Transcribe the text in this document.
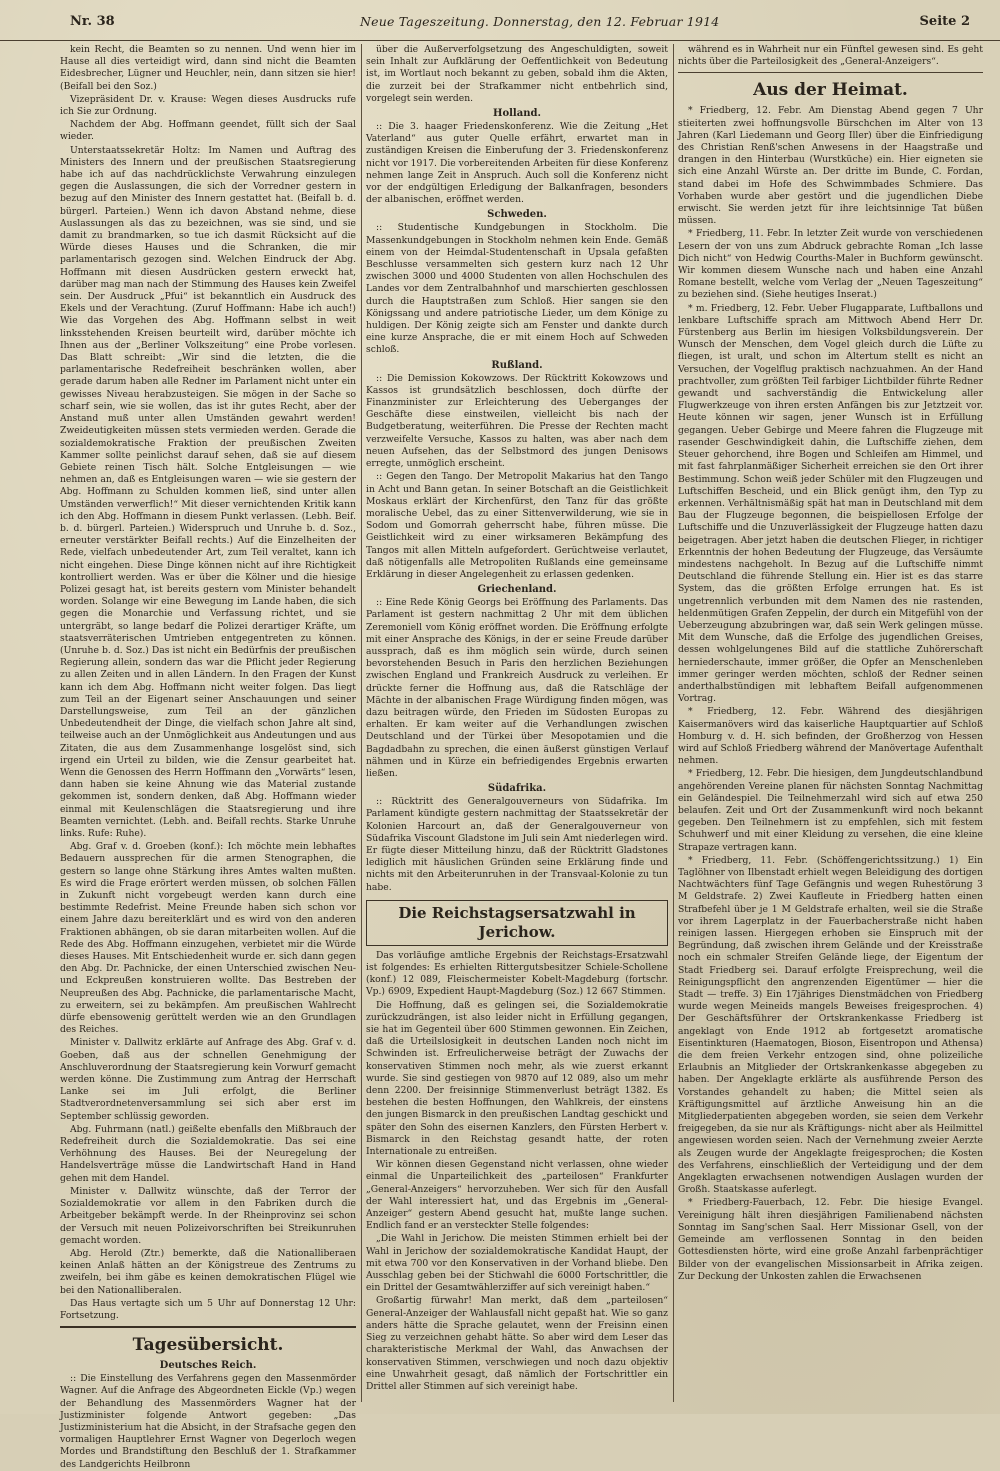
Nr. 38	Neue Tageszeitung. Donnerstag, den 12. Februar 1914	Seite 2

kein Recht, die Beamten so zu nennen. Und wenn hier im Hause all dies verteidigt wird, dann sind nicht die Beamten Eidesbrecher, Lügner und Heuchler, nein, dann sitzen sie hier! (Beifall bei den Soz.)

Vizepräsident Dr. v. Krause: Wegen dieses Ausdrucks rufe ich Sie zur Ordnung.

Nachdem der Abg. Hoffmann geendet, füllt sich der Saal wieder.

Unterstaatssekretär Holtz: Im Namen und Auftrag des Ministers des Innern und der preußischen Staatsregierung habe ich auf das nachdrücklichste Verwahrung einzulegen gegen die Auslassungen, die sich der Vorredner gestern in bezug auf den Minister des Innern gestattet hat. (Beifall b. d. bürgerl. Parteien.) Wenn ich davon Abstand nehme, diese Auslassungen als das zu bezeichnen, was sie sind, und sie damit zu brandmarken, so tue ich dasmit Rücksicht auf die Würde dieses Hauses und die Schranken, die mir parlamentarisch gezogen sind. Welchen Eindruck der Abg. Hoffmann mit diesen Ausdrücken gestern erweckt hat, darüber mag man nach der Stimmung des Hauses kein Zweifel sein. Der Ausdruck „Pfui“ ist bekanntlich ein Ausdruck des Ekels und der Verachtung. (Zuruf Hoffmann: Habe ich auch!) Wie das Vorgehen des Abg. Hoffmann selbst in weit linksstehenden Kreisen beurteilt wird, darüber möchte ich Ihnen aus der „Berliner Volkszeitung“ eine Probe vorlesen. Das Blatt schreibt: „Wir sind die letzten, die die parlamentarische Redefreiheit beschränken wollen, aber gerade darum haben alle Redner im Parlament nicht unter ein gewisses Niveau herabzusteigen. Sie mögen in der Sache so scharf sein, wie sie wollen, das ist ihr gutes Recht, aber der Anstand muß unter allen Umständen gewahrt werden! Zweideutigkeiten müssen stets vermieden werden. Gerade die sozialdemokratische Fraktion der preußischen Zweiten Kammer sollte peinlichst darauf sehen, daß sie auf diesem Gebiete reinen Tisch hält. Solche Entgleisungen — wie nehmen an, daß es Entgleisungen waren — wie sie gestern der Abg. Hoffmann zu Schulden kommen ließ, sind unter allen Umständen verwerflich!“ Mit dieser vernichtenden Kritik kann ich den Abg. Hoffmann in diesem Punkt verlassen. (Lebh. Beif. b. d. bürgerl. Parteien.) Widerspruch und Unruhe b. d. Soz., erneuter verstärkter Beifall rechts.) Auf die Einzelheiten der Rede, vielfach unbedeutender Art, zum Teil veraltet, kann ich nicht eingehen. Diese Dinge können nicht auf ihre Richtigkeit kontrolliert werden. Was er über die Kölner und die hiesige Polizei gesagt hat, ist bereits gestern vom Minister behandelt worden. Solange wir eine Bewegung im Lande haben, die sich gegen die Monarchie und Verfassung richtet, und sie untergräbt, so lange bedarf die Polizei derartiger Kräfte, um staatsverräterischen Umtrieben entgegentreten zu können. (Unruhe b. d. Soz.) Das ist nicht ein Bedürfnis der preußischen Regierung allein, sondern das war die Pflicht jeder Regierung zu allen Zeiten und in allen Ländern. In den Fragen der Kunst kann ich dem Abg. Hoffmann nicht weiter folgen. Das liegt zum Teil an der Eigenart seiner Anschauungen und seiner Darstellungsweise, zum Teil an der gänzlichen Unbedeutendheit der Dinge, die vielfach schon Jahre alt sind, teilweise auch an der Unmöglichkeit aus Andeutungen und aus Zitaten, die aus dem Zusammenhange losgelöst sind, sich irgend ein Urteil zu bilden, wie die Zensur gearbeitet hat. Wenn die Genossen des Herrn Hoffmann den „Vorwärts“ lesen, dann haben sie keine Ahnung wie das Material zustande gekommen ist, sondern denken, daß Abg. Hoffmann wieder einmal mit Keulenschlägen die Staatsregierung und ihre Beamten vernichtet. (Lebh. and. Beifall rechts. Starke Unruhe links. Rufe: Ruhe).

Abg. Graf v. d. Groeben (konf.): Ich möchte mein lebhaftes Bedauern aussprechen für die armen Stenographen, die gestern so lange ohne Stärkung ihres Amtes walten mußten. Es wird die Frage erörtert werden müssen, ob solchen Fällen in Zukunft nicht vorgebeugt werden kann durch eine bestimmte Redefrist. Meine Freunde haben sich schon vor einem Jahre dazu bereiterklärt und es wird von den anderen Fraktionen abhängen, ob sie daran mitarbeiten wollen. Auf die Rede des Abg. Hoffmann einzugehen, verbietet mir die Würde dieses Hauses. Mit Entschiedenheit wurde er. sich dann gegen den Abg. Dr. Pachnicke, der einen Unterschied zwischen Neu- und Eckpreußen konstruieren wollte. Das Bestreben der Neupreußen des Abg. Pachnicke, die parlamentarische Macht, zu erweitern, sei zu bekämpfen. Am preußischen Wahlrecht dürfe ebensowenig gerüttelt werden wie an den Grundlagen des Reiches.

Minister v. Dallwitz erklärte auf Anfrage des Abg. Graf v. d. Goeben, daß aus der schnellen Genehmigung der Anschluverordnung der Staatsregierung kein Vorwurf gemacht werden könne. Die Zustimmung zum Antrag der Herrschaft Lanke sei im Juli erfolgt, die Berliner Stadtverordnetenversammlung sei sich aber erst im September schlüssig geworden.

Abg. Fuhrmann (natl.) geißelte ebenfalls den Mißbrauch der Redefreiheit durch die Sozialdemokratie. Das sei eine Verhöhnung des Hauses. Bei der Neuregelung der Handelsverträge müsse die Landwirtschaft Hand in Hand gehen mit dem Handel.

Minister v. Dallwitz wünschte, daß der Terror der Sozialdemokratie vor allem in den Fabriken durch die Arbeitgeber bekämpft werde. In der Rheinprovinz sei schon der Versuch mit neuen Polizeivorschriften bei Streikunruhen gemacht worden.

Abg. Herold (Ztr.) bemerkte, daß die Nationalliberaen keinen Anlaß hätten an der Königstreue des Zentrums zu zweifeln, bei ihm gäbe es keinen demokratischen Flügel wie bei den Nationalliberalen.

Das Haus vertagte sich um 5 Uhr auf Donnerstag 12 Uhr: Fortsetzung.

Tagesübersicht.
Deutsches Reich.

:: Die Einstellung des Verfahrens gegen den Massenmörder Wagner. Auf die Anfrage des Abgeordneten Eickle (Vp.) wegen der Behandlung des Massenmörders Wagner hat der Justizminister folgende Antwort gegeben: „Das Justizministerium hat die Absicht, in der Strafsache gegen den vormaligen Hauptlehrer Ernst Wagner von Degerloch wegen Mordes und Brandstiftung den Beschluß der 1. Strafkammer des Landgerichts Heilbronn

über die Außerverfolgsetzung des Angeschuldigten, soweit sein Inhalt zur Aufklärung der Oeffentlichkeit von Bedeutung ist, im Wortlaut noch bekannt zu geben, sobald ihm die Akten, die zurzeit bei der Strafkammer nicht entbehrlich sind, vorgelegt sein werden.

Holland.

:: Die 3. haager Friedenskonferenz. Wie die Zeitung „Het Vaterland“ aus guter Quelle erfährt, erwartet man in zuständigen Kreisen die Einberufung der 3. Friedenskonferenz nicht vor 1917. Die vorbereitenden Arbeiten für diese Konferenz nehmen lange Zeit in Anspruch. Auch soll die Konferenz nicht vor der endgültigen Erledigung der Balkanfragen, besonders der albanischen, eröffnet werden.

Schweden.

:: Studentische Kundgebungen in Stockholm. Die Massenkundgebungen in Stockholm nehmen kein Ende. Gemäß einem von der Heimdal-Studentenschaft in Upsala gefaßten Beschlusse versammelten sich gestern kurz nach 12 Uhr zwischen 3000 und 4000 Studenten von allen Hochschulen des Landes vor dem Zentralbahnhof und marschierten geschlossen durch die Hauptstraßen zum Schloß. Hier sangen sie den Königssang und andere patriotische Lieder, um dem Könige zu huldigen. Der König zeigte sich am Fenster und dankte durch eine kurze Ansprache, die er mit einem Hoch auf Schweden schloß.

Rußland.

:: Die Demission Kokowzows. Der Rücktritt Kokowzows und Kassos ist grundsätzlich beschlossen, doch dürfte der Finanzminister zur Erleichterung des Ueberganges der Geschäfte diese einstweilen, vielleicht bis nach der Budgetberatung, weiterführen. Die Presse der Rechten macht verzweifelte Versuche, Kassos zu halten, was aber nach dem neuen Aufsehen, das der Selbstmord des jungen Denisows erregte, unmöglich erscheint.

:: Gegen den Tango. Der Metropolit Makarius hat den Tango in Acht und Bann getan. In seiner Botschaft an die Geistlichkeit Moskaus erklärt der Kirchenfürst, den Tanz für das größte moralische Uebel, das zu einer Sittenverwilderung, wie sie in Sodom und Gomorrah geherrscht habe, führen müsse. Die Geistlichkeit wird zu einer wirksameren Bekämpfung des Tangos mit allen Mitteln aufgefordert. Gerüchtweise verlautet, daß nötigenfalls alle Metropoliten Rußlands eine gemeinsame Erklärung in dieser Angelegenheit zu erlassen gedenken.

Griechenland.

:: Eine Rede König Georgs bei Eröffnung des Parlaments. Das Parlament ist gestern nachmittag 2 Uhr mit dem üblichen Zeremoniell vom König eröffnet worden. Die Eröffnung erfolgte mit einer Ansprache des Königs, in der er seine Freude darüber aussprach, daß es ihm möglich sein würde, durch seinen bevorstehenden Besuch in Paris den herzlichen Beziehungen zwischen England und Frankreich Ausdruck zu verleihen. Er drückte ferner die Hoffnung aus, daß die Ratschläge der Mächte in der albanischen Frage Würdigung finden mögen, was dazu beitragen würde, den Frieden im Südosten Europas zu erhalten. Er kam weiter auf die Verhandlungen zwischen Deutschland und der Türkei über Mesopotamien und die Bagdadbahn zu sprechen, die einen äußerst günstigen Verlauf nähmen und in Kürze ein befriedigendes Ergebnis erwarten ließen.

Südafrika.

:: Rücktritt des Generalgouverneurs von Südafrika. Im Parlament kündigte gestern nachmittag der Staatssekretär der Kolonien Harcourt an, daß der Generalgouverneur von Südafrika Viscount Gladstone im Juli sein Amt niederlegen wird. Er fügte dieser Mitteilung hinzu, daß der Rücktritt Gladstones lediglich mit häuslichen Gründen seine Erklärung finde und nichts mit den Arbeiterunruhen in der Transvaal-Kolonie zu tun habe.

Die Reichstagsersatzwahl in Jerichow.

Das vorläufige amtliche Ergebnis der Reichstags-Ersatzwahl ist folgendes: Es erhielten Rittergutsbesitzer Schiele-Schollene (konf.) 12 089, Fleischermeister Kobelt-Magdeburg (fortschr. Vp.) 6909, Expedient Haupt-Magdeburg (Soz.) 12 667 Stimmen.

Die Hoffnung, daß es gelingen sei, die Sozialdemokratie zurückzudrängen, ist also leider nicht in Erfüllung gegangen, sie hat im Gegenteil über 600 Stimmen gewonnen. Ein Zeichen, daß die Urteilslosigkeit in deutschen Landen noch nicht im Schwinden ist. Erfreulicherweise beträgt der Zuwachs der konservativen Stimmen noch mehr, als wie zuerst erkannt wurde. Sie sind gestiegen von 9870 auf 12 089, also um mehr denn 2200. Der freisinnige Stimmenverlust beträgt 1382. Es bestehen die besten Hoffnungen, den Wahlkreis, der einstens den jungen Bismarck in den preußischen Landtag geschickt und später den Sohn des eisernen Kanzlers, den Fürsten Herbert v. Bismarck in den Reichstag gesandt hatte, der roten Internationale zu entreißen.

Wir können diesen Gegenstand nicht verlassen, ohne wieder einmal die Unparteilichkeit des „parteilosen“ Frankfurter „General-Anzeigers“ hervorzuheben. Wer sich für den Ausfall der Wahl interessiert hat, und das Ergebnis im „General-Anzeiger“ gestern Abend gesucht hat, mußte lange suchen. Endlich fand er an versteckter Stelle folgendes:

„Die Wahl in Jerichow. Die meisten Stimmen erhielt bei der Wahl in Jerichow der sozialdemokratische Kandidat Haupt, der mit etwa 700 vor den Konservativen in der Vorhand bliebe. Den Ausschlag geben bei der Stichwahl die 6000 Fortschrittler, die ein Drittel der Gesamtwählerziffer auf sich vereinigt haben.“

Großartig fürwahr! Man merkt, daß dem „parteilosen“ General-Anzeiger der Wahlausfall nicht gepaßt hat. Wie so ganz anders hätte die Sprache gelautet, wenn der Freisinn einen Sieg zu verzeichnen gehabt hätte. So aber wird dem Leser das charakteristische Merkmal der Wahl, das Anwachsen der konservativen Stimmen, verschwiegen und noch dazu objektiv eine Unwahrheit gesagt, daß nämlich der Fortschrittler ein Drittel aller Stimmen auf sich vereinigt habe.

während es in Wahrheit nur ein Fünftel gewesen sind. Es geht nichts über die Parteilosigkeit des „General-Anzeigers“.

Aus der Heimat.

* Friedberg, 12. Febr. Am Dienstag Abend gegen 7 Uhr stieiterten zwei hoffnungsvolle Bürschchen im Alter von 13 Jahren (Karl Liedemann und Georg Iller) über die Einfriedigung des Christian Renß'schen Anwesens in der Haagstraße und drangen in den Hinterbau (Wurstküche) ein. Hier eigneten sie sich eine Anzahl Würste an. Der dritte im Bunde, C. Fordan, stand dabei im Hofe des Schwimmbades Schmiere. Das Vorhaben wurde aber gestört und die jugendlichen Diebe erwischt. Sie werden jetzt für ihre leichtsinnige Tat büßen müssen.

* Friedberg, 11. Febr. In letzter Zeit wurde von verschiedenen Lesern der von uns zum Abdruck gebrachte Roman „Ich lasse Dich nicht“ von Hedwig Courths-Maler in Buchform gewünscht. Wir kommen diesem Wunsche nach und haben eine Anzahl Romane bestellt, welche vom Verlag der „Neuen Tageszeitung“ zu beziehen sind. (Siehe heutiges Inserat.)

* m. Friedberg, 12. Febr. Ueber Flugapparate, Luftballons und lenkbare Luftschiffe sprach am Mittwoch Abend Herr Dr. Fürstenberg aus Berlin im hiesigen Volksbildungsverein. Der Wunsch der Menschen, dem Vogel gleich durch die Lüfte zu fliegen, ist uralt, und schon im Altertum stellt es nicht an Versuchen, der Vogelflug praktisch nachzuahmen. An der Hand prachtvoller, zum größten Teil farbiger Lichtbilder führte Redner gewandt und sachverständig die Entwickelung aller Flugwerkzeuge von ihren ersten Anfängen bis zur Jetztzeit vor. Heute können wir sagen, jener Wunsch ist in Erfüllung gegangen. Ueber Gebirge und Meere fahren die Flugzeuge mit rasender Geschwindigkeit dahin, die Luftschiffe ziehen, dem Steuer gehorchend, ihre Bogen und Schleifen am Himmel, und mit fast fahrplanmäßiger Sicherheit erreichen sie den Ort ihrer Bestimmung. Schon weiß jeder Schüler mit den Flugzeugen und Luftschiffen Bescheid, und ein Blick genügt ihm, den Typ zu erkennen. Verhältnismäßig spät hat man in Deutschland mit dem Bau der Flugzeuge begonnen, die beispiellosen Erfolge der Luftschiffe und die Unzuverlässigkeit der Flugzeuge hatten dazu beigetragen. Aber jetzt haben die deutschen Flieger, in richtiger Erkenntnis der hohen Bedeutung der Flugzeuge, das Versäumte mindestens nachgeholt. In Bezug auf die Luftschiffe nimmt Deutschland die führende Stellung ein. Hier ist es das starre System, das die größten Erfolge errungen hat. Es ist ungetrennlich verbunden mit dem Namen des nie rastenden, heldenmütigen Grafen Zeppelin, der durch ein Mitgefühl von der Ueberzeugung abzubringen war, daß sein Werk gelingen müsse. Mit dem Wunsche, daß die Erfolge des jugendlichen Greises, dessen wohlgelungenes Bild auf die stattliche Zuhörerschaft herniederschaute, immer größer, die Opfer an Menschenleben immer geringer werden möchten, schloß der Redner seinen anderthalbstündigen mit lebhaftem Beifall aufgenommenen Vortrag.

* Friedberg, 12. Febr. Während des diesjährigen Kaisermanövers wird das kaiserliche Hauptquartier auf Schloß Homburg v. d. H. sich befinden, der Großherzog von Hessen wird auf Schloß Friedberg während der Manövertage Aufenthalt nehmen.

* Friedberg, 12. Febr. Die hiesigen, dem Jungdeutschlandbund angehörenden Vereine planen für nächsten Sonntag Nachmittag ein Geländespiel. Die Teilnehmerzahl wird sich auf etwa 250 belaufen. Zeit und Ort der Zusammenkunft wird noch bekannt gegeben. Den Teilnehmern ist zu empfehlen, sich mit festem Schuhwerf und mit einer Kleidung zu versehen, die eine kleine Strapaze vertragen kann.

* Friedberg, 11. Febr. (Schöffengerichtssitzung.) 1) Ein Taglöhner von Ilbenstadt erhielt wegen Beleidigung des dortigen Nachtwächters fünf Tage Gefängnis und wegen Ruhestörung 3 M Geldstrafe. 2) Zwei Kaufleute in Friedberg hatten einen Strafbefehl über je 1 M Geldstrafe erhalten, weil sie die Straße vor ihrem Lagerplatz in der Fauerbacherstraße nicht haben reinigen lassen. Hiergegen erhoben sie Einspruch mit der Begründung, daß zwischen ihrem Gelände und der Kreisstraße noch ein schmaler Streifen Gelände liege, der Eigentum der Stadt Friedberg sei. Darauf erfolgte Freisprechung, weil die Reinigungspflicht den angrenzenden Eigentümer — hier die Stadt — treffe. 3) Ein 17jähriges Dienstmädchen von Friedberg wurde wegen Meineids mangels Beweises freigesprochen. 4) Der Geschäftsführer der Ortskrankenkasse Friedberg ist angeklagt von Ende 1912 ab fortgesetzt aromatische Eisentinkturen (Haematogen, Bioson, Eisentropon und Athensa) die dem freien Verkehr entzogen sind, ohne polizeiliche Erlaubnis an Mitglieder der Ortskrankenkasse abgegeben zu haben. Der Angeklagte erklärte als ausführende Person des Vorstandes gehandelt zu haben; die Mittel seien als Kräftigungsmittel auf ärztliche Anweisung hin an die Mitgliederpatienten abgegeben worden, sie seien dem Verkehr freigegeben, da sie nur als Kräftigungs- nicht aber als Heilmittel angewiesen worden seien. Nach der Vernehmung zweier Aerzte als Zeugen wurde der Angeklagte freigesprochen; die Kosten des Verfahrens, einschließlich der Verteidigung und der dem Angeklagten erwachsenen notwendigen Auslagen wurden der Großh. Staatskasse auferlegt.

* Friedberg-Fauerbach, 12. Febr. Die hiesige Evangel. Vereinigung hält ihren diesjährigen Familienabend nächsten Sonntag im Sang'schen Saal. Herr Missionar Gsell, von der Gemeinde am verflossenen Sonntag in den beiden Gottesdiensten hörte, wird eine große Anzahl farbenprächtiger Bilder von der evangelischen Missionsarbeit in Afrika zeigen. Zur Deckung der Unkosten zahlen die Erwachsenen
